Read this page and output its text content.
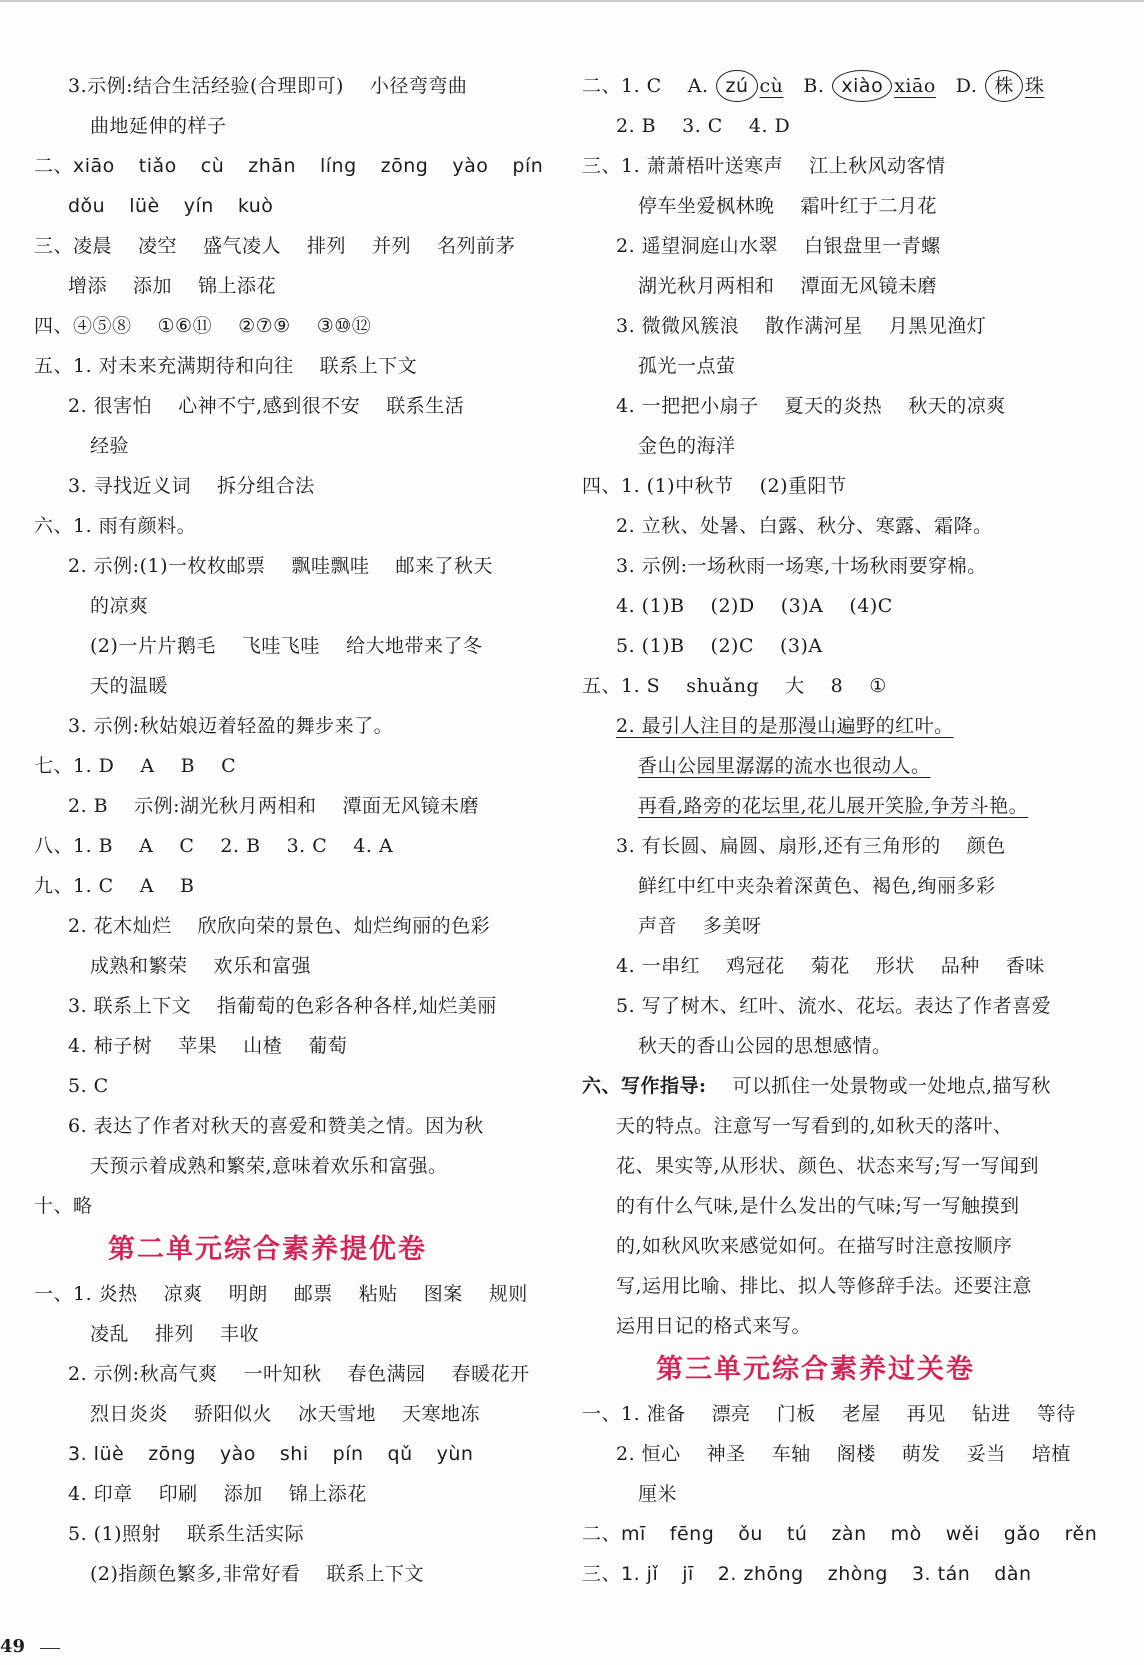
3.示例:结合生活经验(合理即可) 小径弯弯曲
曲地延伸的样子
二、xiāo tiǎo cù zhān líng zōng yào pín
dǒu lüè yín kuò
三、凌晨 凌空 盛气凌人 排列 并列 名列前茅
增添 添加 锦上添花
四、④⑤⑧ ①⑥⑪ ②⑦⑨ ③⑩⑫
五、1. 对未来充满期待和向往 联系上下文
2. 很害怕 心神不宁,感到很不安 联系生活
经验
3. 寻找近义词 拆分组合法
六、1. 雨有颜料。
2. 示例:(1)一枚枚邮票 飘哇飘哇 邮来了秋天
的凉爽
(2)一片片鹅毛 飞哇飞哇 给大地带来了冬
天的温暖
3. 示例:秋姑娘迈着轻盈的舞步来了。
七、1. D A B C
2. B 示例:湖光秋月两相和 潭面无风镜未磨
八、1. B A C 2. B 3. C 4. A
九、1. C A B
2. 花木灿烂 欣欣向荣的景色、灿烂绚丽的色彩
成熟和繁荣 欢乐和富强
3. 联系上下文 指葡萄的色彩各种各样,灿烂美丽
4. 柿子树 苹果 山楂 葡萄
5. C
6. 表达了作者对秋天的喜爱和赞美之情。因为秋
天预示着成熟和繁荣,意味着欢乐和富强。
十、略
第二单元综合素养提优卷
一、1. 炎热 凉爽 明朗 邮票 粘贴 图案 规则
凌乱 排列 丰收
2. 示例:秋高气爽 一叶知秋 春色满园 春暖花开
烈日炎炎 骄阳似火 冰天雪地 天寒地冻
3. lüè zōng yào shi pín qǔ yùn
4. 印章 印刷 添加 锦上添花
5. (1)照射 联系生活实际
(2)指颜色繁多,非常好看 联系上下文
二、1. C A. zú cù B. xiào xiāo D. 株 珠
2. B 3. C 4. D
三、1. 萧萧梧叶送寒声 江上秋风动客情
停车坐爱枫林晚 霜叶红于二月花
2. 遥望洞庭山水翠 白银盘里一青螺
湖光秋月两相和 潭面无风镜未磨
3. 微微风簇浪 散作满河星 月黑见渔灯
孤光一点萤
4. 一把把小扇子 夏天的炎热 秋天的凉爽
金色的海洋
四、1. (1)中秋节 (2)重阳节
2. 立秋、处暑、白露、秋分、寒露、霜降。
3. 示例:一场秋雨一场寒,十场秋雨要穿棉。
4. (1)B (2)D (3)A (4)C
5. (1)B (2)C (3)A
五、1. S shuǎng 大 8 ①
2. 最引人注目的是那漫山遍野的红叶。
香山公园里潺潺的流水也很动人。
再看,路旁的花坛里,花儿展开笑脸,争芳斗艳。
3. 有长圆、扁圆、扇形,还有三角形的 颜色
鲜红中红中夹杂着深黄色、褐色,绚丽多彩
声音 多美呀
4. 一串红 鸡冠花 菊花 形状 品种 香味
5. 写了树木、红叶、流水、花坛。表达了作者喜爱
秋天的香山公园的思想感情。
六、写作指导: 可以抓住一处景物或一处地点,描写秋
天的特点。注意写一写看到的,如秋天的落叶、
花、果实等,从形状、颜色、状态来写;写一写闻到
的有什么气味,是什么发出的气味;写一写触摸到
的,如秋风吹来感觉如何。在描写时注意按顺序
写,运用比喻、排比、拟人等修辞手法。还要注意
运用日记的格式来写。
第三单元综合素养过关卷
一、1. 准备 漂亮 门板 老屋 再见 钻进 等待
2. 恒心 神圣 车轴 阁楼 萌发 妥当 培植
厘米
二、mī fēng ǒu tú zàn mò wěi gǎo rěn
三、1. jǐ jī 2. zhōng zhòng 3. tán dàn
49
